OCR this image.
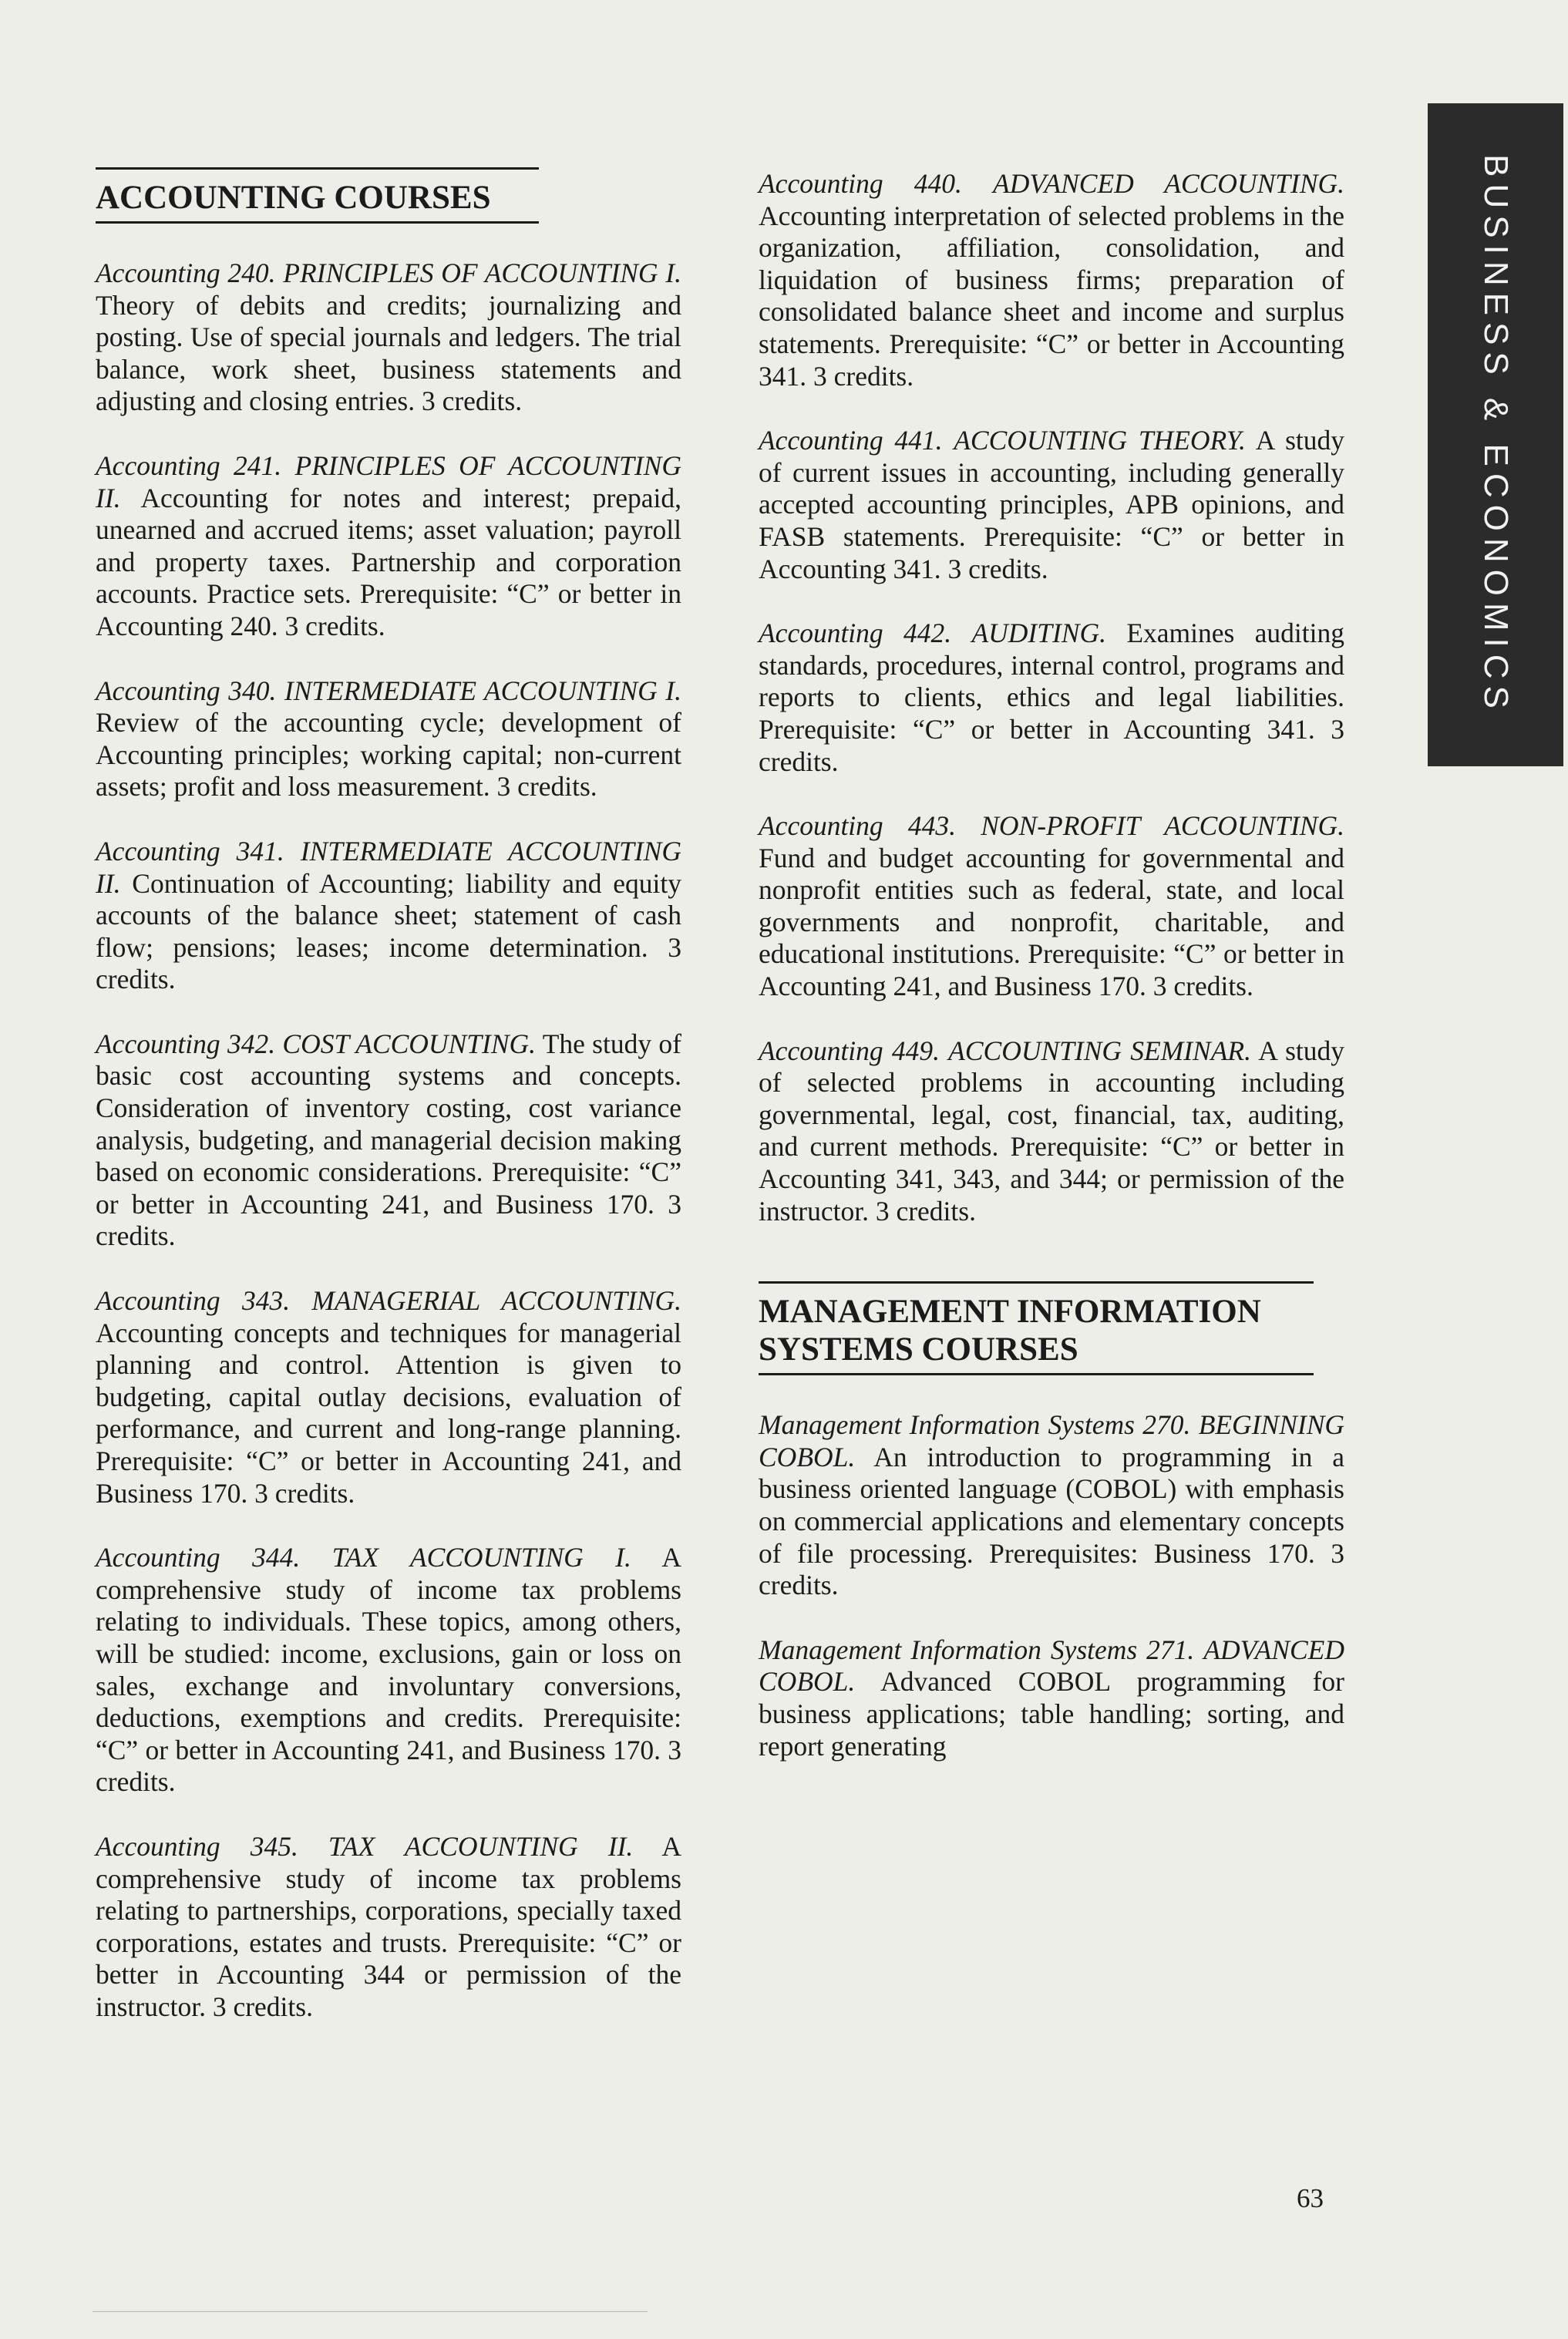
BUSINESS & ECONOMICS
ACCOUNTING COURSES

Accounting 240. PRINCIPLES OF ACCOUNTING I. Theory of debits and credits; journalizing and posting. Use of special journals and ledgers. The trial balance, work sheet, business statements and adjusting and closing entries. 3 credits.

Accounting 241. PRINCIPLES OF ACCOUNTING II. Accounting for notes and interest; prepaid, unearned and accrued items; asset valuation; payroll and property taxes. Partnership and corporation accounts. Practice sets. Prerequisite: “C” or better in Accounting 240. 3 credits.

Accounting 340. INTERMEDIATE ACCOUNTING I. Review of the accounting cycle; development of Accounting principles; working capital; non-current assets; profit and loss measurement. 3 credits.

Accounting 341. INTERMEDIATE ACCOUNTING II. Continuation of Accounting; liability and equity accounts of the balance sheet; statement of cash flow; pensions; leases; income determination. 3 credits.

Accounting 342. COST ACCOUNTING. The study of basic cost accounting systems and concepts. Consideration of inventory costing, cost variance analysis, budgeting, and managerial decision making based on economic considerations. Prerequisite: “C” or better in Accounting 241, and Business 170. 3 credits.

Accounting 343. MANAGERIAL ACCOUNTING. Accounting concepts and techniques for managerial planning and control. Attention is given to budgeting, capital outlay decisions, evaluation of performance, and current and long-range planning. Prerequisite: “C” or better in Accounting 241, and Business 170. 3 credits.

Accounting 344. TAX ACCOUNTING I. A comprehensive study of income tax problems relating to individuals. These topics, among others, will be studied: income, exclusions, gain or loss on sales, exchange and involuntary conversions, deductions, exemptions and credits. Prerequisite: “C” or better in Accounting 241, and Business 170. 3 credits.

Accounting 345. TAX ACCOUNTING II. A comprehensive study of income tax problems relating to partnerships, corporations, specially taxed corporations, estates and trusts. Prerequisite: “C” or better in Accounting 344 or permission of the instructor. 3 credits.

Accounting 440. ADVANCED ACCOUNTING. Accounting interpretation of selected problems in the organization, affiliation, consolidation, and liquidation of business firms; preparation of consolidated balance sheet and income and surplus statements. Prerequisite: “C” or better in Accounting 341. 3 credits.

Accounting 441. ACCOUNTING THEORY. A study of current issues in accounting, including generally accepted accounting principles, APB opinions, and FASB statements. Prerequisite: “C” or better in Accounting 341. 3 credits.

Accounting 442. AUDITING. Examines auditing standards, procedures, internal control, programs and reports to clients, ethics and legal liabilities. Prerequisite: “C” or better in Accounting 341. 3 credits.

Accounting 443. NON-PROFIT ACCOUNTING. Fund and budget accounting for governmental and nonprofit entities such as federal, state, and local governments and nonprofit, charitable, and educational institutions. Prerequisite: “C” or better in Accounting 241, and Business 170. 3 credits.

Accounting 449. ACCOUNTING SEMINAR. A study of selected problems in accounting including governmental, legal, cost, financial, tax, auditing, and current methods. Prerequisite: “C” or better in Accounting 341, 343, and 344; or permission of the instructor. 3 credits.

MANAGEMENT INFORMATION SYSTEMS COURSES

Management Information Systems 270. BEGINNING COBOL. An introduction to programming in a business oriented language (COBOL) with emphasis on commercial applications and elementary concepts of file processing. Prerequisites: Business 170. 3 credits.

Management Information Systems 271. ADVANCED COBOL. Advanced COBOL programming for business applications; table handling; sorting, and report generating

63
